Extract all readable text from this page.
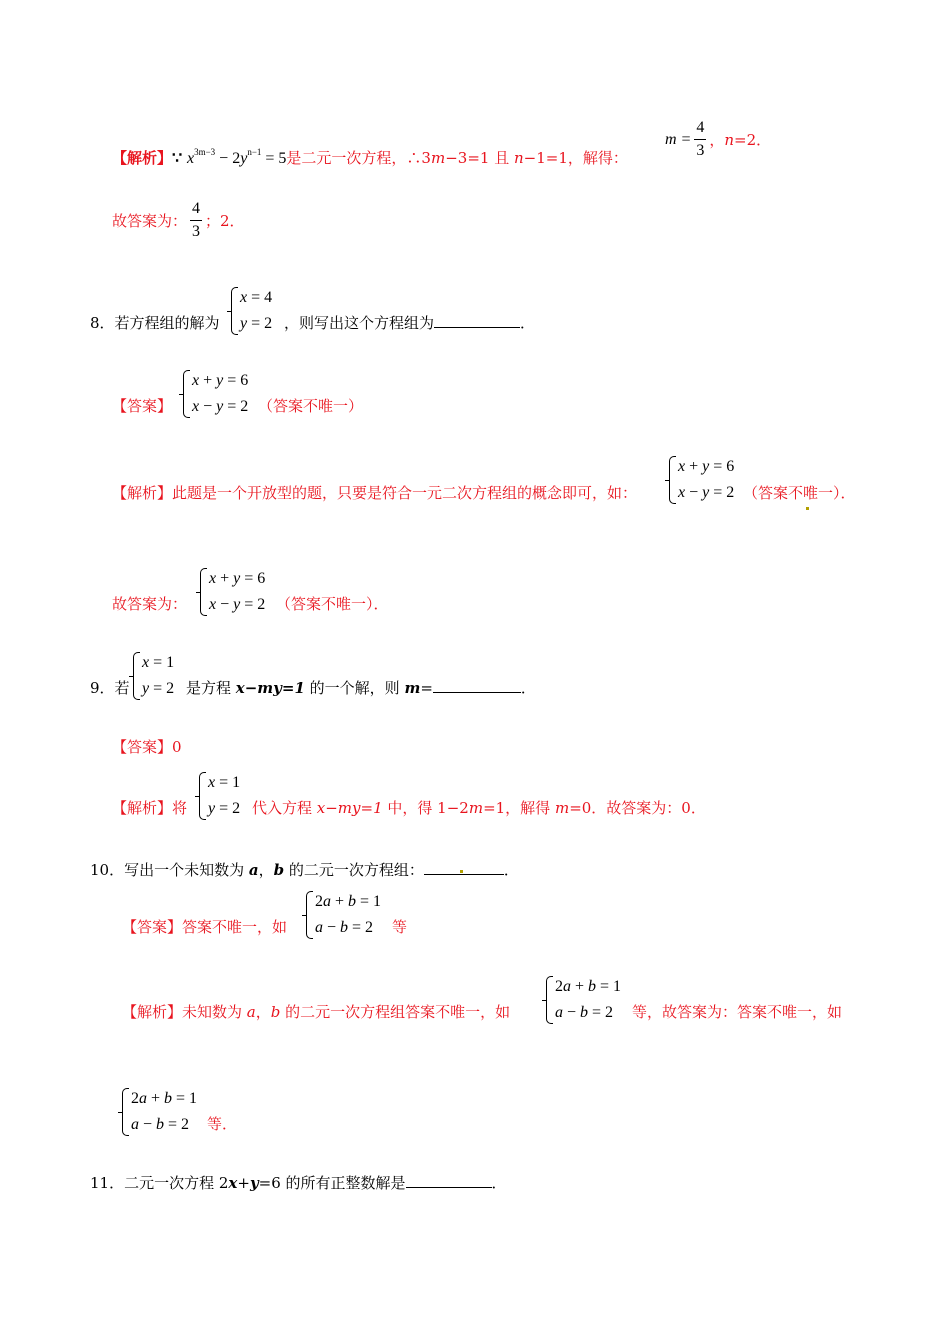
【解析】∵ $x^{3m-3} - 2y^{n-1} = 5$是二元一次方程，∴3m−3=1 且 n−1=1，解得：
$m = \frac{4}{3}$ ， n =2．
故答案为： $\frac{4}{3}$ ；2．
8．若方程组的解为
x = 4
y = 2 ，则写出这个方程组为	．
【答案】
x + y = 6
x − y = 2 （答案不唯一）
【解析】此题是一个开放型的题，只要是符合一元二次方程组的概念即可，如：
x + y = 6
x − y = 2 （答案不唯一）．
故答案为：
x + y = 6
x − y = 2 （答案不唯一）．
9．若
x = 1
y = 2 是方程 x−my=1 的一个解，则 m=	．
【答案】0
【解析】将
x = 1
y = 2 代入方程 x−my=1 中，得 1−2m=1，解得 m=0．故答案为：0．
10．写出一个未知数为 a，b 的二元一次方程组：	．
【答案】答案不唯一，如
2a + b = 1
a − b = 2	等
【解析】未知数为 a，b 的二元一次方程组答案不唯一，如
2a + b = 1
a − b = 2	等，故答案为：答案不唯一，如
2a + b = 1
a − b = 2	等．
11．二元一次方程 2x+y=6 的所有正整数解是	．
